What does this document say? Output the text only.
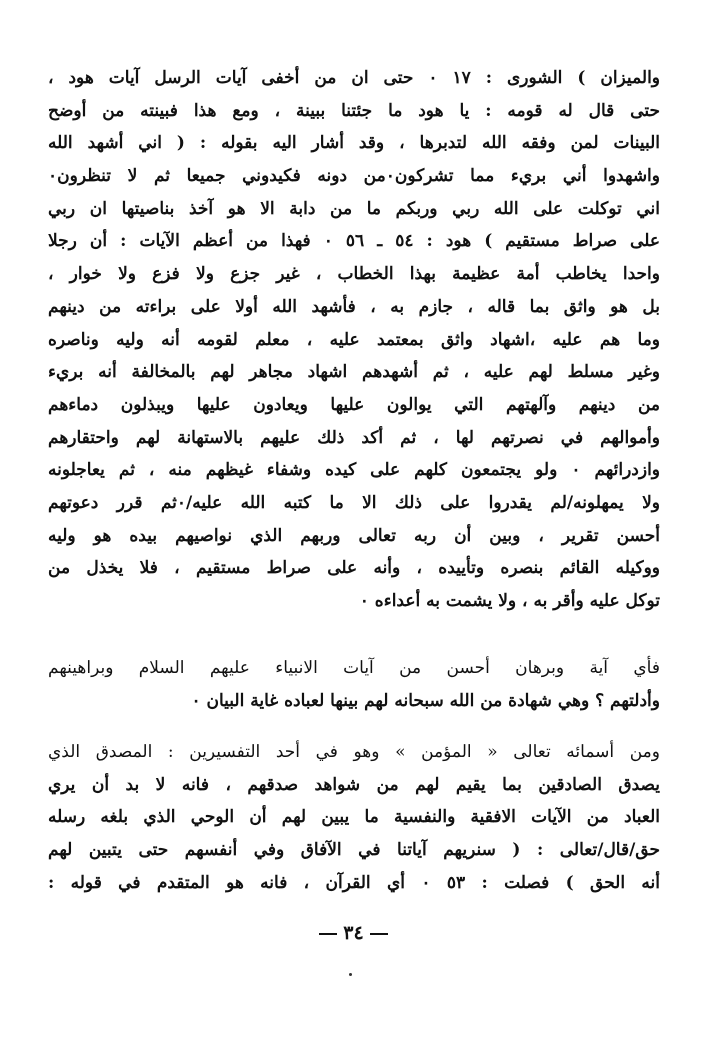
والميزان ) الشورى : ١٧ ٠ حتى ان من أخفى آيات الرسل آيات هود ،
حتى قال له قومه : يا هود ما جئتنا ببينة ، ومع هذا فبينته من أوضح
البينات لمن وفقه الله لتدبرها ، وقد أشار اليه بقوله : ( اني أشهد الله
واشهدوا أني بريء مما تشركون٠من دونه فكيدوني جميعا ثم لا تنظرون٠
اني توكلت على الله ربي وربكم ما من دابة الا هو آخذ بناصيتها ان ربي
على صراط مستقيم ) هود : ٥٤ ـ ٥٦ ٠ فهذا من أعظم الآيات : أن رجلا
واحدا يخاطب أمة عظيمة بهذا الخطاب ، غير جزع ولا فزع ولا خوار ،
بل هو واثق بما قاله ، جازم به ، فأشهد الله أولا على براءته من دينهم
وما هم عليه ،اشهاد واثق بمعتمد عليه ، معلم لقومه أنه وليه وناصره
وغير مسلط لهم عليه ، ثم أشهدهم اشهاد مجاهر لهم بالمخالفة أنه بريء
من دينهم وآلهتهم التي يوالون عليها ويعادون عليها ويبذلون دماءهم
وأموالهم في نصرتهم لها ، ثم أكد ذلك عليهم بالاستهانة لهم واحتقارهم
وازدرائهم ٠ ولو يجتمعون كلهم على كيده وشفاء غيظهم منه ، ثم يعاجلونه
ولا يمهلونه/لم يقدروا على ذلك الا ما كتبه الله عليه/٠ثم قرر دعوتهم
أحسن تقرير ، وبين أن ربه تعالى وربهم الذي نواصيهم بيده هو وليه
ووكيله القائم بنصره وتأييده ، وأنه على صراط مستقيم ، فلا يخذل من
توكل عليه وأقر به ، ولا يشمت به أعداءه ٠
فأي آية وبرهان أحسن من آيات الانبياء عليهم السلام وبراهينهم
وأدلتهم ؟ وهي شهادة من الله سبحانه لهم بينها لعباده غاية البيان ٠
ومن أسمائه تعالى « المؤمن » وهو في أحد التفسيرين : المصدق الذي
يصدق الصادقين بما يقيم لهم من شواهد صدقهم ، فانه لا بد أن يري
العباد من الآيات الافقية والنفسية ما يبين لهم أن الوحي الذي بلغه رسله
حق/قال/تعالى : ( سنريهم آياتنا في الآفاق وفي أنفسهم حتى يتبين لهم
أنه الحق ) فصلت : ٥٣ ٠ أي القرآن ، فانه هو المتقدم في قوله :
٣٤
